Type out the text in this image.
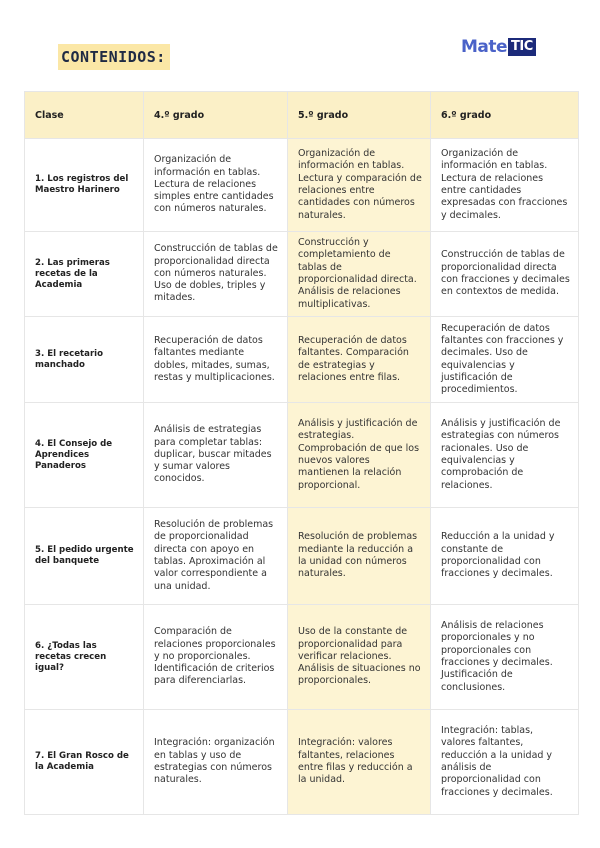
CONTENIDOS:	Mate TIC
Clase	4.º grado	5.º grado	6.º grado
1. Los registros del Maestro Harinero	Organización de información en tablas. Lectura de relaciones simples entre cantidades con números naturales.	Organización de información en tablas. Lectura y comparación de relaciones entre cantidades con números naturales.	Organización de información en tablas. Lectura de relaciones entre cantidades expresadas con fracciones y decimales.
2. Las primeras recetas de la Academia	Construcción de tablas de proporcionalidad directa con números naturales. Uso de dobles, triples y mitades.	Construcción y completamiento de tablas de proporcionalidad directa. Análisis de relaciones multiplicativas.	Construcción de tablas de proporcionalidad directa con fracciones y decimales en contextos de medida.
3. El recetario manchado	Recuperación de datos faltantes mediante dobles, mitades, sumas, restas y multiplicaciones.	Recuperación de datos faltantes. Comparación de estrategias y relaciones entre filas.	Recuperación de datos faltantes con fracciones y decimales. Uso de equivalencias y justificación de procedimientos.
4. El Consejo de Aprendices Panaderos	Análisis de estrategias para completar tablas: duplicar, buscar mitades y sumar valores conocidos.	Análisis y justificación de estrategias. Comprobación de que los nuevos valores mantienen la relación proporcional.	Análisis y justificación de estrategias con números racionales. Uso de equivalencias y comprobación de relaciones.
5. El pedido urgente del banquete	Resolución de problemas de proporcionalidad directa con apoyo en tablas. Aproximación al valor correspondiente a una unidad.	Resolución de problemas mediante la reducción a la unidad con números naturales.	Reducción a la unidad y constante de proporcionalidad con fracciones y decimales.
6. ¿Todas las recetas crecen igual?	Comparación de relaciones proporcionales y no proporcionales. Identificación de criterios para diferenciarlas.	Uso de la constante de proporcionalidad para verificar relaciones. Análisis de situaciones no proporcionales.	Análisis de relaciones proporcionales y no proporcionales con fracciones y decimales. Justificación de conclusiones.
7. El Gran Rosco de la Academia	Integración: organización en tablas y uso de estrategias con números naturales.	Integración: valores faltantes, relaciones entre filas y reducción a la unidad.	Integración: tablas, valores faltantes, reducción a la unidad y análisis de proporcionalidad con fracciones y decimales.
